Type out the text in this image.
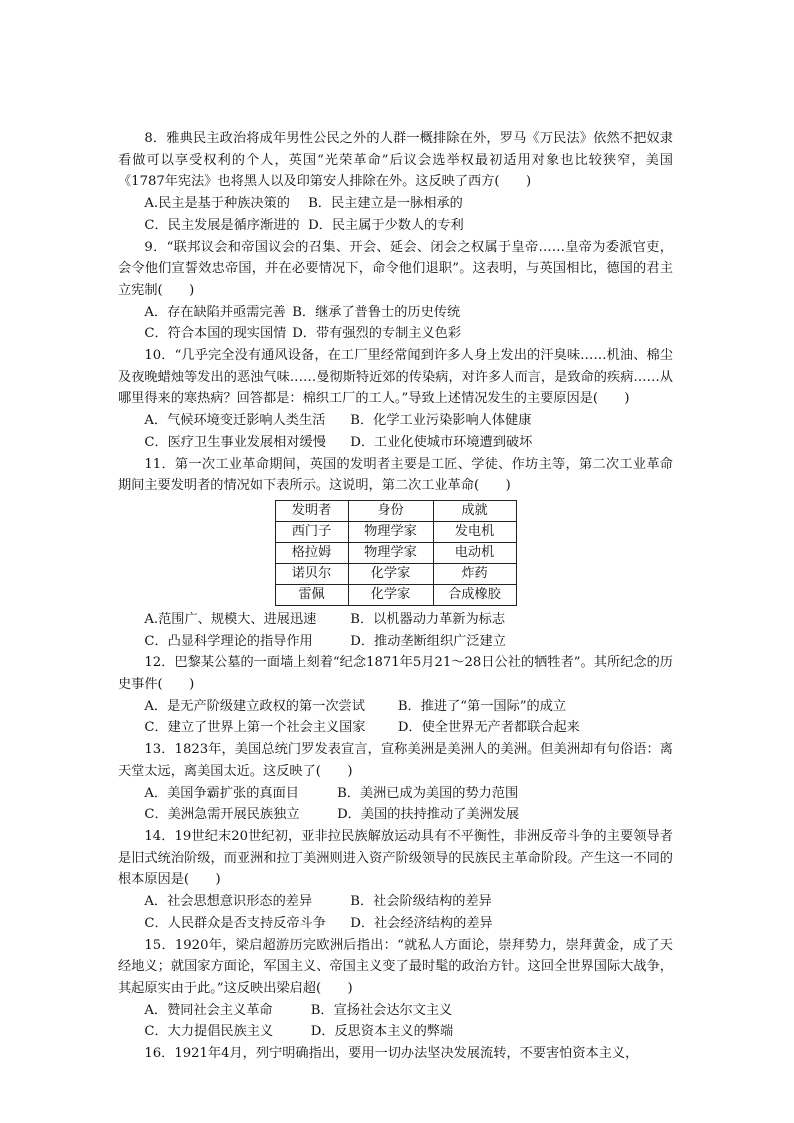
8．雅典民主政治将成年男性公民之外的人群一概排除在外，罗马《万民法》依然不把奴隶看做可以享受权利的个人，英国“光荣革命”后议会选举权最初适用对象也比较狭窄，美国《1787年宪法》也将黑人以及印第安人排除在外。这反映了西方(　　)

A.民主是基于种族决策的	B．民主建立是一脉相承的
C．民主发展是循序渐进的 D．民主属于少数人的专利

9．“联邦议会和帝国议会的召集、开会、延会、闭会之权属于皇帝……皇帝为委派官吏，会令他们宣誓效忠帝国，并在必要情况下，命令他们退职”。这表明，与英国相比，德国的君主立宪制(　　)

A．存在缺陷并亟需完善 B．继承了普鲁士的历史传统
C．符合本国的现实国情 D．带有强烈的专制主义色彩

10．“几乎完全没有通风设备，在工厂里经常闻到许多人身上发出的汗臭味……机油、棉尘及夜晚蜡烛等发出的恶浊气味……曼彻斯特近郊的传染病，对许多人而言，是致命的疾病……从哪里得来的寒热病？回答都是：棉织工厂的工人。”导致上述情况发生的主要原因是(　　)

A．气候环境变迁影响人类生活	B．化学工业污染影响人体健康
C．医疗卫生事业发展相对缓慢	D．工业化使城市环境遭到破坏

11．第一次工业革命期间，英国的发明者主要是工匠、学徒、作坊主等，第二次工业革命期间主要发明者的情况如下表所示。这说明，第二次工业革命(　　)

发明者	身份	成就
西门子	物理学家	发电机
格拉姆	物理学家	电动机
诺贝尔	化学家	炸药
雷佩	化学家	合成橡胶
A.范围广、规模大、进展迅速	B．以机器动力革新为标志
C．凸显科学理论的指导作用	D．推动垄断组织广泛建立

12．巴黎某公墓的一面墙上刻着“纪念1871年5月21～28日公社的牺牲者”。其所纪念的历史事件(　　)

A．是无产阶级建立政权的第一次尝试	B．推进了“第一国际”的成立
C．建立了世界上第一个社会主义国家	D．使全世界无产者都联合起来

13．1823年，美国总统门罗发表宣言，宣称美洲是美洲人的美洲。但美洲却有句俗语：离天堂太远，离美国太近。这反映了(　　)

A．美国争霸扩张的真面目	B．美洲已成为美国的势力范围
C．美洲急需开展民族独立	D．美国的扶持推动了美洲发展

14．19世纪末20世纪初，亚非拉民族解放运动具有不平衡性，非洲反帝斗争的主要领导者是旧式统治阶级，而亚洲和拉丁美洲则进入资产阶级领导的民族民主革命阶段。产生这一不同的根本原因是(　　)

A．社会思想意识形态的差异	B．社会阶级结构的差异
C．人民群众是否支持反帝斗争	D．社会经济结构的差异

15．1920年，梁启超游历完欧洲后指出：“就私人方面论，崇拜势力，崇拜黄金，成了天经地义；就国家方面论，军国主义、帝国主义变了最时髦的政治方针。这回全世界国际大战争，其起原实由于此。”这反映出梁启超(　　)

A．赞同社会主义革命	B．宣扬社会达尔文主义
C．大力提倡民族主义	D．反思资本主义的弊端

16．1921年4月，列宁明确指出，要用一切办法坚决发展流转，不要害怕资本主义，
